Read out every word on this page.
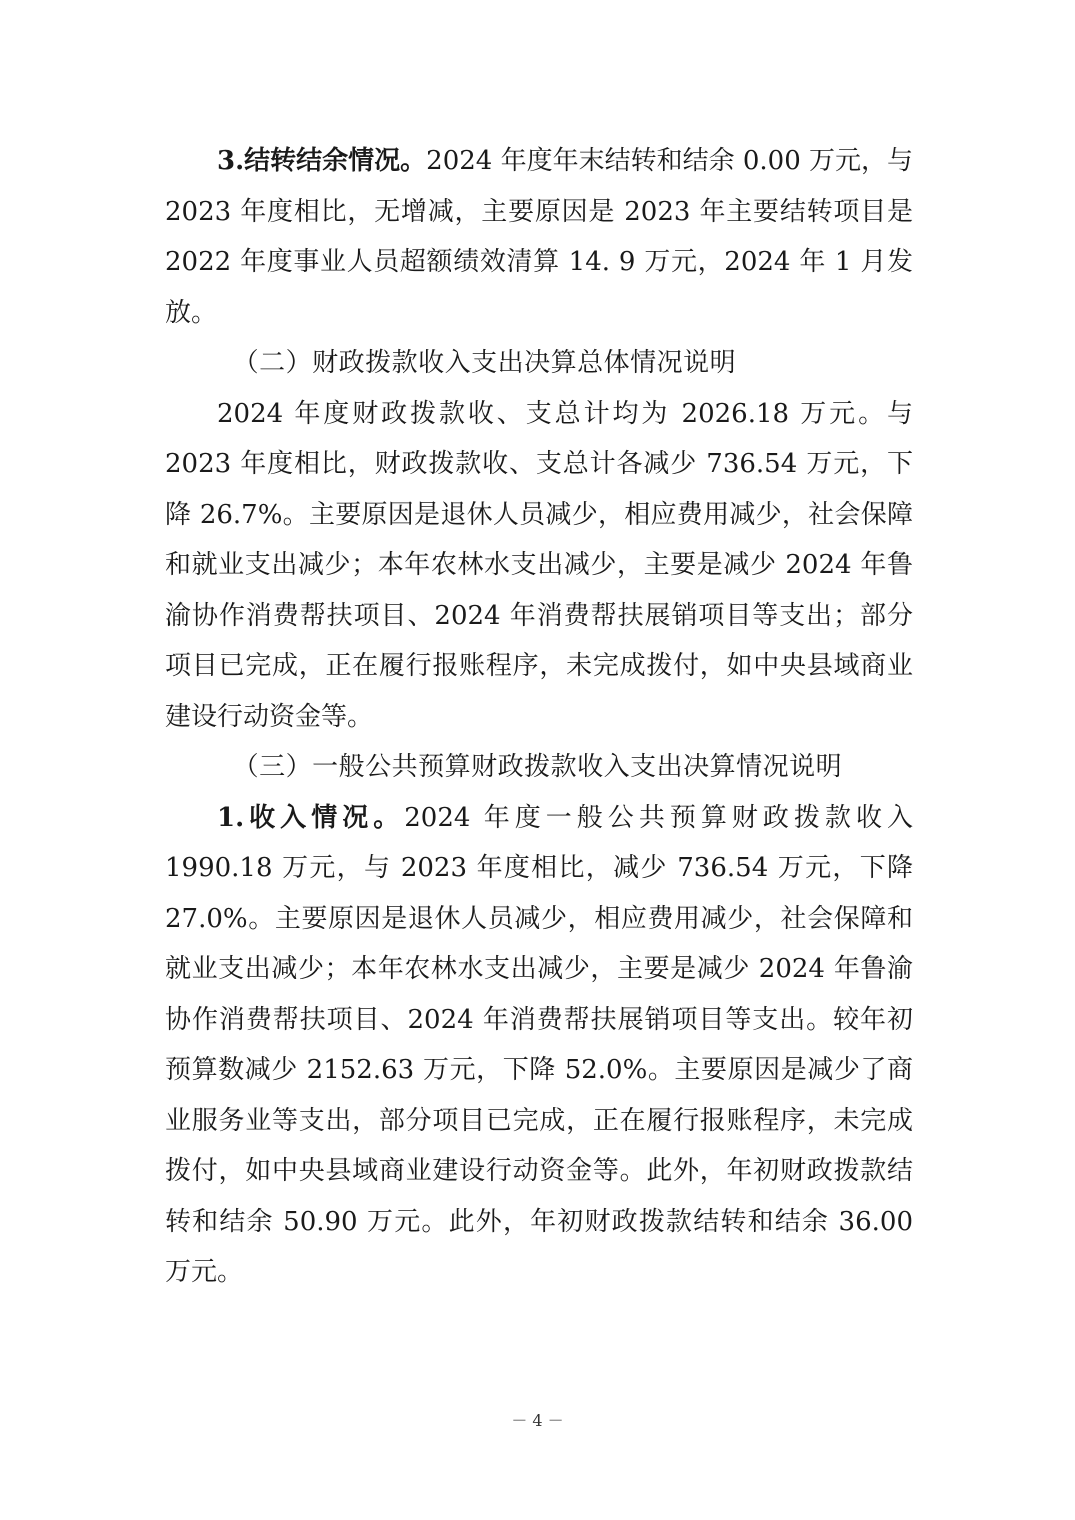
3.结转结余情况。2024 年度年末结转和结余 0.00 万元，与 2023 年度相比，无增减，主要原因是 2023 年主要结转项目是 2022 年度事业人员超额绩效清算 14. 9 万元，2024 年 1 月发放。

（二）财政拨款收入支出决算总体情况说明

2024 年度财政拨款收、支总计均为 2026.18 万元。与 2023 年度相比，财政拨款收、支总计各减少 736.54 万元，下降 26.7%。主要原因是退休人员减少，相应费用减少，社会保障和就业支出减少；本年农林水支出减少，主要是减少 2024 年鲁渝协作消费帮扶项目、2024 年消费帮扶展销项目等支出；部分项目已完成，正在履行报账程序，未完成拨付，如中央县域商业建设行动资金等。

（三）一般公共预算财政拨款收入支出决算情况说明

1.收入情况。2024 年度一般公共预算财政拨款收入 1990.18 万元，与 2023 年度相比，减少 736.54 万元，下降 27.0%。主要原因是退休人员减少，相应费用减少，社会保障和就业支出减少；本年农林水支出减少，主要是减少 2024 年鲁渝协作消费帮扶项目、2024 年消费帮扶展销项目等支出。较年初预算数减少 2152.63 万元，下降 52.0%。主要原因是减少了商业服务业等支出，部分项目已完成，正在履行报账程序，未完成拨付，如中央县域商业建设行动资金等。此外，年初财政拨款结转和结余 50.90 万元。此外，年初财政拨款结转和结余 36.00 万元。

－ 4 －
